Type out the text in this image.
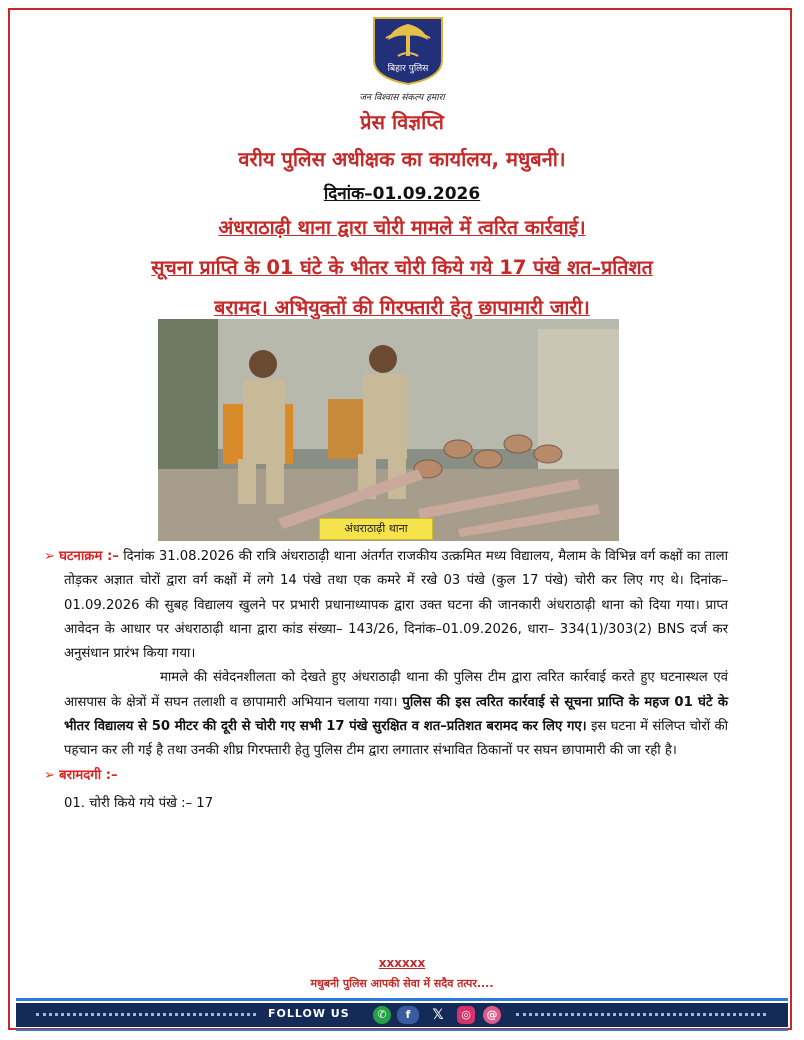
बिहार पुलिस
जन विश्वास संकल्प हमारा
प्रेस विज्ञप्ति
वरीय पुलिस अधीक्षक का कार्यालय, मधुबनी।
दिनांक–01.09.2026
अंधराठाढ़ी थाना द्वारा चोरी मामले में त्वरित कार्रवाई।
सूचना प्राप्ति के 01 घंटे के भीतर चोरी किये गये 17 पंखे शत–प्रतिशत
बरामद। अभियुक्तों की गिरफ्तारी हेतु छापामारी जारी।
अंधराठाढ़ी थाना
➢ घटनाक्रम :– दिनांक 31.08.2026 की रात्रि अंधराठाढ़ी थाना अंतर्गत राजकीय उत्क्रमित मध्य विद्यालय, मैलाम के विभिन्न वर्ग कक्षों का ताला तोड़कर अज्ञात चोरों द्वारा वर्ग कक्षों में लगे 14 पंखे तथा एक कमरे में रखे 03 पंखे (कुल 17 पंखे) चोरी कर लिए गए थे। दिनांक–01.09.2026 की सुबह विद्यालय खुलने पर प्रभारी प्रधानाध्यापक द्वारा उक्त घटना की जानकारी अंधराठाढ़ी थाना को दिया गया। प्राप्त आवेदन के आधार पर अंधराठाढ़ी थाना द्वारा कांड संख्या– 143/26, दिनांक–01.09.2026, धारा– 334(1)/303(2) BNS दर्ज कर अनुसंधान प्रारंभ किया गया।
मामले की संवेदनशीलता को देखते हुए अंधराठाढ़ी थाना की पुलिस टीम द्वारा त्वरित कार्रवाई करते हुए घटनास्थल एवं आसपास के क्षेत्रों में सघन तलाशी व छापामारी अभियान चलाया गया। पुलिस की इस त्वरित कार्रवाई से सूचना प्राप्ति के महज 01 घंटे के भीतर विद्यालय से 50 मीटर की दूरी से चोरी गए सभी 17 पंखे सुरक्षित व शत–प्रतिशत बरामद कर लिए गए। इस घटना में संलिप्त चोरों की पहचान कर ली गई है तथा उनकी शीघ्र गिरफ्तारी हेतु पुलिस टीम द्वारा लगातार संभावित ठिकानों पर सघन छापामारी की जा रही है।
➢ बरामदगी :–
01. चोरी किये गये पंखे :– 17
xxxxxx
मधुबनी पुलिस आपकी सेवा में सदैव तत्पर....
FOLLOW US	✆	f	𝕏	◎	@
